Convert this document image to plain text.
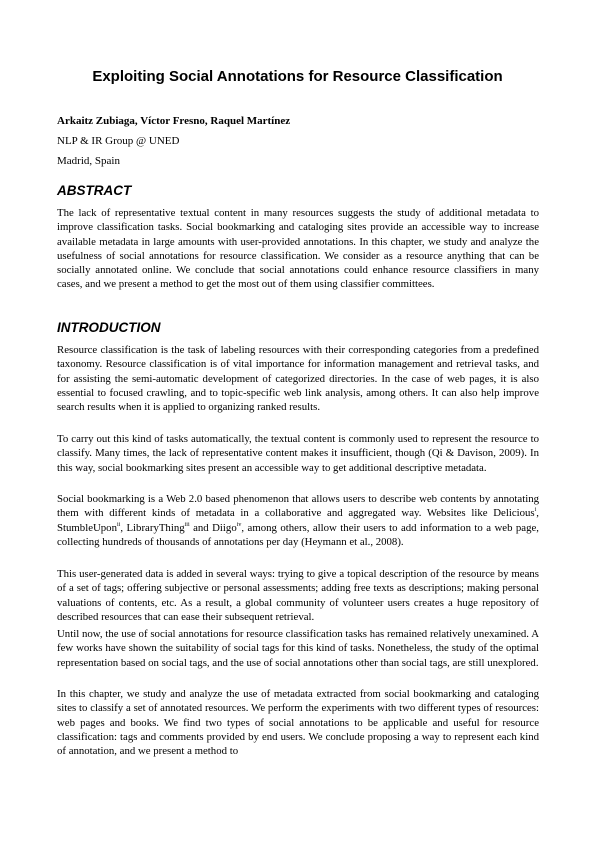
Exploiting Social Annotations for Resource Classification
Arkaitz Zubiaga, Víctor Fresno, Raquel Martínez
NLP & IR Group @ UNED
Madrid, Spain
ABSTRACT

The lack of representative textual content in many resources suggests the study of additional metadata to improve classification tasks. Social bookmarking and cataloging sites provide an accessible way to increase available metadata in large amounts with user-provided annotations. In this chapter, we study and analyze the usefulness of social annotations for resource classification. We consider as a resource anything that can be socially annotated online. We conclude that social annotations could enhance resource classifiers in many cases, and we present a method to get the most out of them using classifier committees.

INTRODUCTION

Resource classification is the task of labeling resources with their corresponding categories from a predefined taxonomy. Resource classification is of vital importance for information management and retrieval tasks, and for assisting the semi-automatic development of categorized directories. In the case of web pages, it is also essential to focused crawling, and to topic-specific web link analysis, among others. It can also help improve search results when it is applied to organizing ranked results.

To carry out this kind of tasks automatically, the textual content is commonly used to represent the resource to classify. Many times, the lack of representative content makes it insufficient, though (Qi & Davison, 2009). In this way, social bookmarking sites present an accessible way to get additional descriptive metadata.

Social bookmarking is a Web 2.0 based phenomenon that allows users to describe web contents by annotating them with different kinds of metadata in a collaborative and aggregated way. Websites like Delicious$^i$, StumbleUpon$^{ii}$, LibraryThing$^{iii}$ and Diigo$^{iv}$, among others, allow their users to add information to a web page, collecting hundreds of thousands of annotations per day (Heymann et al., 2008).

This user-generated data is added in several ways: trying to give a topical description of the resource by means of a set of tags; offering subjective or personal assessments; adding free texts as descriptions; making personal valuations of contents, etc. As a result, a global community of volunteer users creates a huge repository of described resources that can ease their subsequent retrieval.

Until now, the use of social annotations for resource classification tasks has remained relatively unexamined. A few works have shown the suitability of social tags for this kind of tasks. Nonetheless, the study of the optimal representation based on social tags, and the use of social annotations other than social tags, are still unexplored.

In this chapter, we study and analyze the use of metadata extracted from social bookmarking and cataloging sites to classify a set of annotated resources. We perform the experiments with two different types of resources: web pages and books. We find two types of social annotations to be applicable and useful for resource classification: tags and comments provided by end users. We conclude proposing a way to represent each kind of annotation, and we present a method to
